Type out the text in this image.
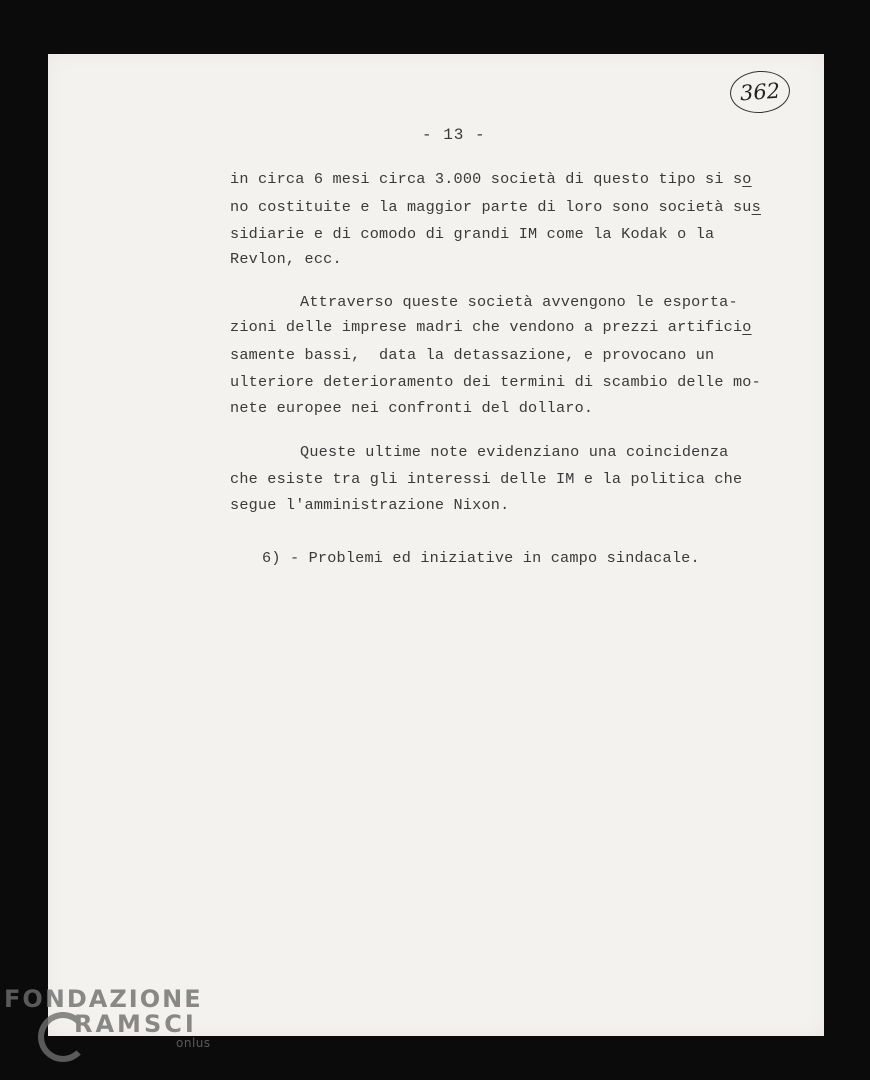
362
- 13 -
in circa 6 mesi circa 3.000 società di questo tipo si so
no costituite e la maggior parte di loro sono società sus
sidiarie e di comodo di grandi IM come la Kodak o la
Revlon, ecc.
Attraverso queste società avvengono le esporta-
zioni delle imprese madri che vendono a prezzi artificio
samente bassi,  data la detassazione, e provocano un
ulteriore deterioramento dei termini di scambio delle mo-
nete europee nei confronti del dollaro.
Queste ultime note evidenziano una coincidenza
che esiste tra gli interessi delle IM e la politica che
segue l'amministrazione Nixon.
6) - Problemi ed iniziative in campo sindacale.
FONDAZIONE
RAMSCI
onlus
